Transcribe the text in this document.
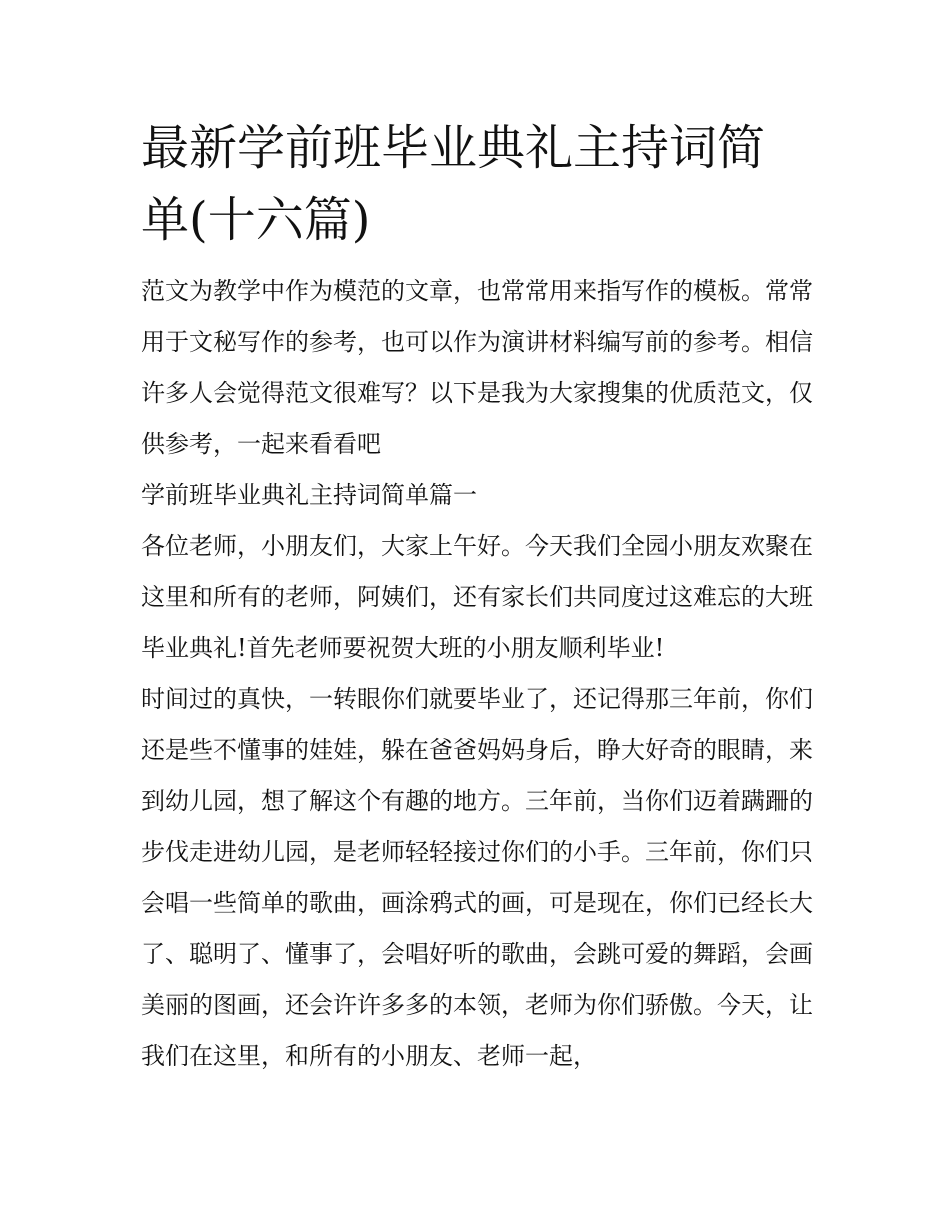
最新学前班毕业典礼主持词简单(十六篇)

范文为教学中作为模范的文章，也常常用来指写作的模板。常常用于文秘写作的参考，也可以作为演讲材料编写前的参考。相信许多人会觉得范文很难写？以下是我为大家搜集的优质范文，仅供参考，一起来看看吧

学前班毕业典礼主持词简单篇一

各位老师，小朋友们，大家上午好。今天我们全园小朋友欢聚在这里和所有的老师，阿姨们，还有家长们共同度过这难忘的大班毕业典礼!首先老师要祝贺大班的小朋友顺利毕业!

时间过的真快，一转眼你们就要毕业了，还记得那三年前，你们还是些不懂事的娃娃，躲在爸爸妈妈身后，睁大好奇的眼睛，来到幼儿园，想了解这个有趣的地方。三年前，当你们迈着蹒跚的步伐走进幼儿园，是老师轻轻接过你们的小手。三年前，你们只会唱一些简单的歌曲，画涂鸦式的画，可是现在，你们已经长大了、聪明了、懂事了，会唱好听的歌曲，会跳可爱的舞蹈，会画美丽的图画，还会许许多多的本领，老师为你们骄傲。今天，让我们在这里，和所有的小朋友、老师一起，
